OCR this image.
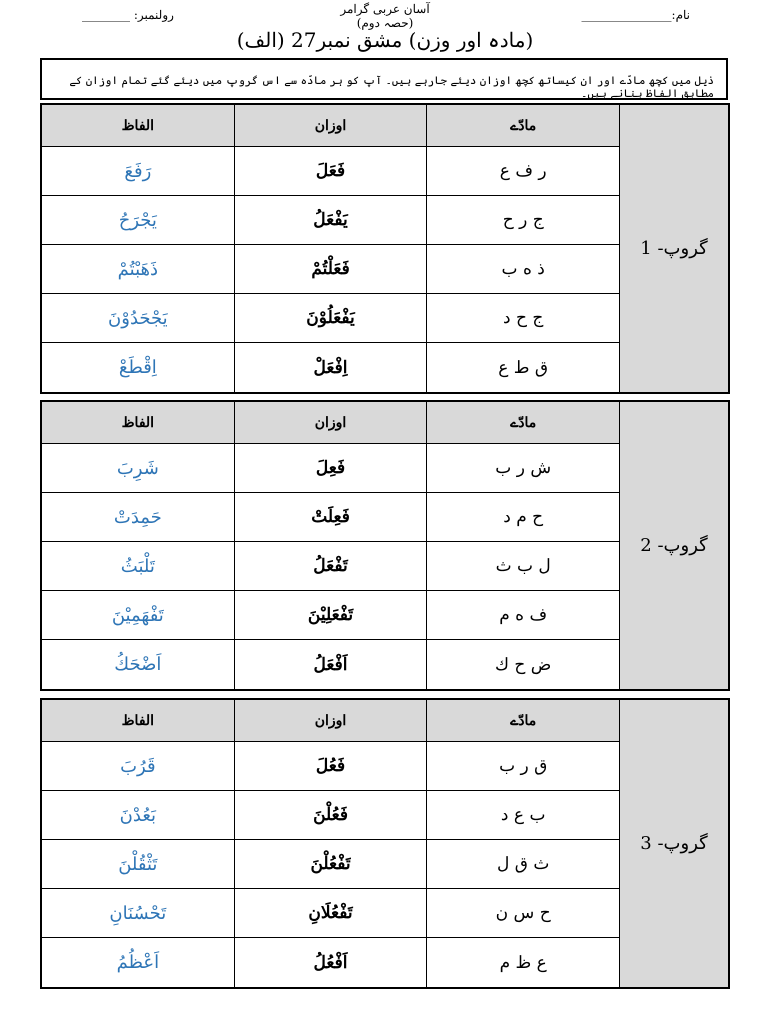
نام:_______________
آسان عربی گرامر
(حصہ دوم)
رولنمبر: ________
(مادہ اور وزن) مشق نمبر27 (الف)
ذیل میں کچھ مادّے اور ان کیساتھ کچھ اوزان دیئے جارہے ہیں۔ آپ کو ہر مادّہ سے اس گروپ میں دیئے گئے تمام اوزان کے مطابق الفاظ بنانے ہیں۔
الفاظ	اوزان	مادّے
رَفَعَ	فَعَلَ	ر ف ع
يَجْرَحُ	يَفْعَلُ	ج ر ح
ذَهَبْتُمْ	فَعَلْتُمْ	ذ ه ب
يَجْحَدُوْنَ	يَفْعَلُوْنَ	ج ح د
اِقْطَعْ	اِفْعَلْ	ق ط ع
گروپ- 1
الفاظ	اوزان	مادّے
شَرِبَ	فَعِلَ	ش ر ب
حَمِدَتْ	فَعِلَتْ	ح م د
تَلْبَثُ	تَفْعَلُ	ل ب ث
تَفْهَمِيْنَ	تَفْعَلِيْنَ	ف ه م
اَضْحَكُ	اَفْعَلُ	ض ح ك
گروپ- 2
الفاظ	اوزان	مادّے
قَرُبَ	فَعُلَ	ق ر ب
بَعُدْنَ	فَعُلْنَ	ب ع د
تَثْقُلْنَ	تَفْعُلْنَ	ث ق ل
تَحْسُنَانِ	تَفْعُلَانِ	ح س ن
اَعْظُمُ	اَفْعُلُ	ع ظ م
گروپ- 3
